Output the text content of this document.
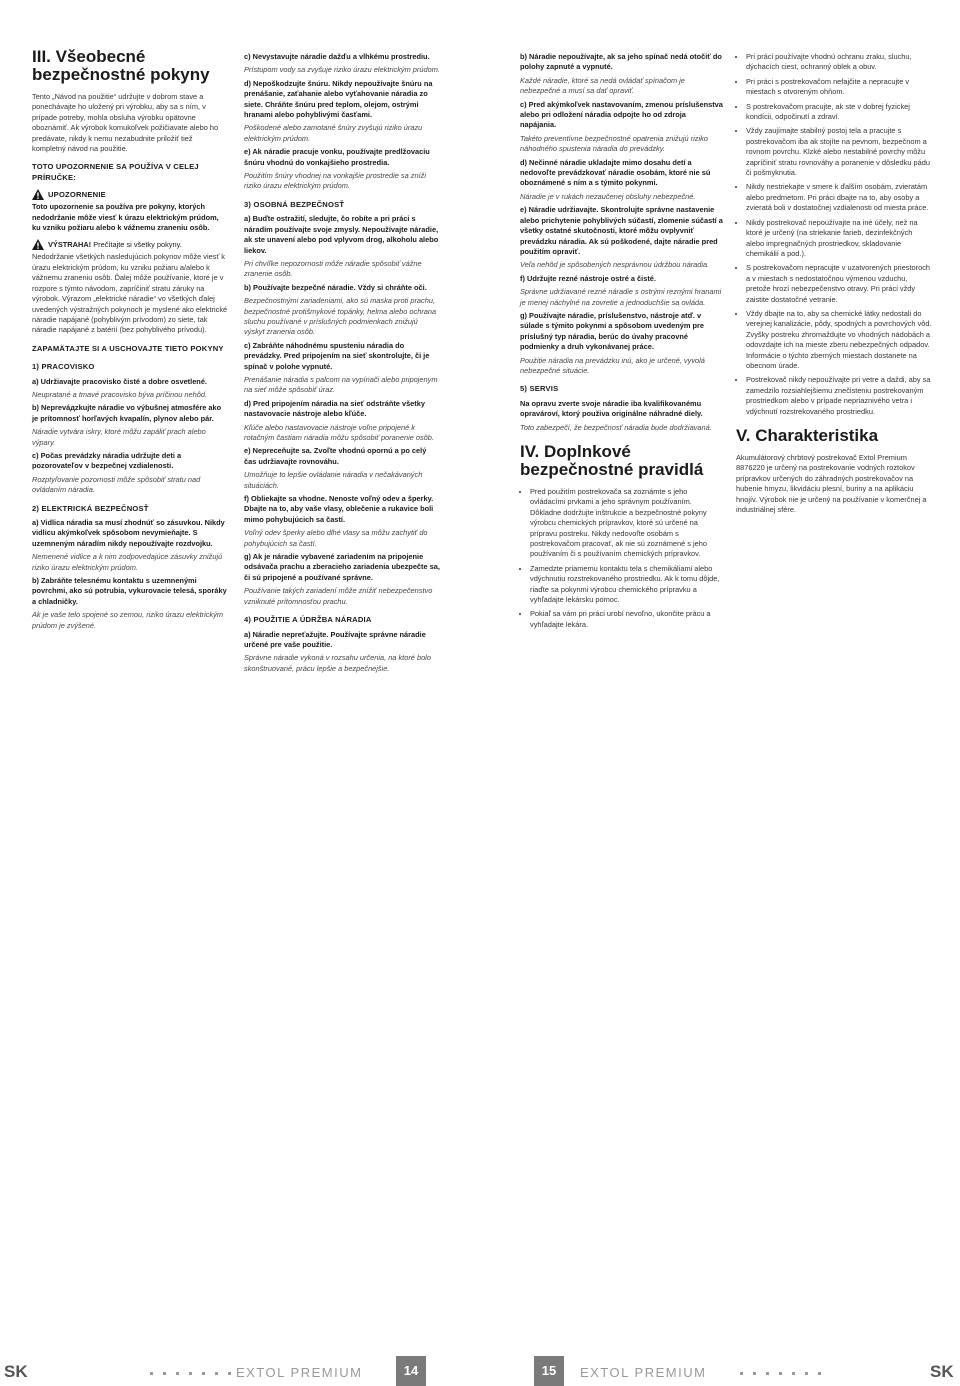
III. Všeobecné bezpečnostné pokyny

Tento „Návod na použitie“ udržujte v dobrom stave a ponechávajte ho uložený pri výrobku, aby sa s ním, v prípade potreby, mohla obsluha výrobku opätovne oboznámiť. Ak výrobok komukoľvek požičiavate alebo ho predávate, nikdy k nemu nezabudnite priložiť tiež kompletný návod na použitie.

TOTO UPOZORNENIE SA POUŽÍVA V CELEJ PRÍRUČKE:
UPOZORNENIE

Toto upozornenie sa používa pre pokyny, ktorých nedodržanie môže viesť k úrazu elektrickým prúdom, ku vzniku požiaru alebo k vážnemu zraneniu osôb.

VÝSTRAHA!
Prečítajte si všetky pokyny.

Nedodržanie všetkých nasledujúcich pokynov môže viesť k úrazu elektrickým prúdom, ku vzniku požiaru a/alebo k vážnemu zraneniu osôb. Ďalej môže používanie, ktoré je v rozpore s týmto návodom, zapríčiniť stratu záruky na výrobok. Výrazom „elektrické náradie“ vo všetkých ďalej uvedených výstražných pokynoch je myslené ako elektrické náradie napájané (pohyblivým prívodom) zo siete, tak náradie napájané z batérií (bez pohyblivého prívodu).

ZAPAMÄTAJTE SI A USCHOVAJTE TIETO POKYNY
1) PRACOVISKO
a) Udržiavajte pracovisko čisté a dobre osvetlené.
Neupratané a tmavé pracovisko býva príčinou nehôd.
b) Nepreváдzkujte náradie vo výbušnej atmosfére ako je prítomnosť horľavých kvapalín, plynov alebo pár.
Náradie vytvára iskry, ktoré môžu zapáliť prach alebo výpary.
c) Počas prevádzky náradia udržujte deti a pozorovateľov v bezpečnej vzdialenosti.
Rozptyľovanie pozornosti môže spôsobiť stratu nad ovládaním náradia.
2) ELEKTRICKÁ BEZPEČNOSŤ
a) Vidlica náradia sa musí zhodnúť so zásuvkou. Nikdy vidlicu akýmkoľvek spôsobom nevymieňajte. S uzemneným náradím nikdy nepoužívajte rozdvojku.
Nemenené vidlice a k nim zodpovedajúce zásuvky znižujú riziko úrazu elektrickým prúdom.
b) Zabráňte telesnému kontaktu s uzemnenými povrchmi, ako sú potrubia, vykurovacie telesá, sporáky a chladničky.
Ak je vaše telo spojené so zemou, riziko úrazu elektrickým prúdom je zvýšené.
c) Nevystavujte náradie dažďu a vlhkému prostrediu.
Prístupom vody sa zvyšuje riziko úrazu elektrickým prúdom.
d) Nepoškodzujte šnúru. Nikdy nepoužívajte šnúru na prenášanie, zaťahanie alebo vyťahovanie náradia zo siete. Chráňte šnúru pred teplom, olejom, ostrými hranami alebo pohyblivými časťami.
Poškodené alebo zamotané šnúry zvyšujú riziko úrazu elektrickým prúdom.
e) Ak náradie pracuje vonku, používajte predlžovaciu šnúru vhodnú do vonkajšieho prostredia.
Použitím šnúry vhodnej na vonkajšie prostredie sa zníži riziko úrazu elektrickým prúdom.
3) OSOBNÁ BEZPEČNOSŤ
a) Buďte ostražití, sledujte, čo robíte a pri práci s náradím používajte svoje zmysly. Nepoužívajte náradie, ak ste unavení alebo pod vplyvom drog, alkoholu alebo liekov.
Pri chvíľke nepozornosti môže náradie spôsobiť vážne zranenie osôb.
b) Používajte bezpečné náradie. Vždy si chráňte oči.
Bezpečnostnými zariadeniami, ako sú maska proti prachu, bezpečnostné protišmykové topánky, helma alebo ochrana sluchu používané v príslušných podmienkach znižujú výskyt zranenia osôb.
c) Zabráňte náhodnému spusteniu náradia do prevádzky. Pred pripojením na sieť skontrolujte, či je spínač v polohe vypnuté.
Prenášanie náradia s palcom na vypínači alebo pripojenym na sieť môže spôsobiť úraz.
d) Pred pripojením náradia na sieť odstráňte všetky nastavovacie nástroje alebo kľúče.
Kľúče alebo nastavovacie nástroje voľne pripojené k rotačným častiam náradia môžu spôsobiť poranenie osôb.
e) Nepreceňujte sa. Zvoľte vhodnú opornú a po celý čas udržiavajte rovnováhu.
Umožňuje to lepšie ovládanie náradia v nečakávaných situáciách.
f) Obliekajte sa vhodne. Nenoste voľný odev a šperky. Dbajte na to, aby vaše vlasy, oblečenie a rukavice boli mimo pohybujúcich sa častí.
Voľný odev šperky alebo dlhé vlasy sa môžu zachytiť do pohybujúcich sa častí.
g) Ak je náradie vybavené zariadením na pripojenie odsávača prachu a zberacieho zariadenia ubezpečte sa, či sú pripojené a používané správne.
Používanie takých zariadení môže znížiť nebezpečenstvo vzniknuté prítomnosťou prachu.
4) POUŽITIE A ÚDRŽBA NÁRADIA
a) Náradie nepreťažujte. Používajte správne náradie určené pre vaše použitie.
Správne náradie vykoná v rozsahu určenia, na ktoré bolo skonštruované, prácu lepšie a bezpečnejšie.
b) Náradie nepoužívajte, ak sa jeho spínač nedá otočiť do polohy zapnuté a vypnuté.
Každé náradie, ktoré sa nedá ovládať spínačom je nebezpečné a musí sa dať opraviť.
c) Pred akýmkoľvek nastavovaním, zmenou príslušenstva alebo pri odložení náradia odpojte ho od zdroja napájania.
Takéto preventívne bezpečnostné opatrenia znižujú riziko náhodného spustenia náradia do prevádzky.
d) Nečinné náradie ukladajte mimo dosahu detí a nedovoľte prevádzkovať náradie osobám, ktoré nie sú oboznámené s ním a s týmito pokynmi.
Náradie je v rukách nezaučenej obsluhy nebezpečné.
e) Náradie udržiavajte. Skontrolujte správne nastavenie alebo prichytenie pohyblivých súčastí, zlomenie súčastí a všetky ostatné skutočnosti, ktoré môžu ovplyvniť prevádzku náradia. Ak sú poškodené, dajte náradie pred použitím opraviť.
Veľa nehôd je spôsobených nesprávnou údržbou náradia.
f) Udržujte rezné nástroje ostré a čisté.
Správne udržiavané rezné náradie s ostrými reznými hranami je menej náchylné na zovretie a jednoduchšie sa ovláda.
g) Používajte náradie, príslušenstvo, nástroje atď. v súlade s týmito pokynmi a spôsobom uvedeným pre príslušný typ náradia, berúc do úvahy pracovné podmienky a druh vykonávanej práce.
Použitie náradia na prevádzku inú, ako je určené, vyvolá nebezpečné situácie.
5) SERVIS
Na opravu zverte svoje náradie iba kvalifikovanému opravároví, ktorý použiva originálne náhradné diely.
Toto zabezpečí, že bezpečnosť náradia bude dodržiavaná.
IV. Doplnkové bezpečnostné pravidlá
• Pred použitím postrekovača sa zoznámte s jeho ovládacími prvkami a jeho správnym používaním. Dôkladne dodržujte inštrukcie a bezpečnostné pokyny výrobcu chemických prípravkov, ktoré sú určené na prípravu postreku. Nikdy nedovoľte osobám s postrekovačom pracovať, ak nie sú zoznámené s jeho používaním či s používaním chemických prípravkov.
• Zamedzte priamemu kontaktu tela s chemikáliami alebo vdýchnutiu rozstrekovaného prostriedku. Ak k tomu dôjde, riaďte sa pokynmi výrobcu chemického prípravku a vyhľadajte lekársku pomoc.
• Pokiaľ sa vám pri práci urobí nevoľno, ukončite prácu a vyhľadajte lekára.
• Pri práci používajte vhodnú ochranu zraku, sluchu, dýchacích ciest, ochranný oblek a obuv.
• Pri práci s postrekovačom nefajčite a nepracujte v miestach s otvoreným ohňom.
• S postrekovačom pracujte, ak ste v dobrej fyzickej kondícii, odpočinutí a zdraví.
• Vždy zaujímajte stabilný postoj tela a pracujte s postrekovačom iba ak stojíte na pevnom, bezpečnom a rovnom povrchu. Klzké alebo nestabilné povrchy môžu zapríčiniť stratu rovnováhy a poranenie v dôsledku pádu či pošmyknutia.
• Nikdy nestriekajte v smere k ďalším osobám, zvieratám alebo predmetom. Pri práci dbajte na to, aby osoby a zvieratá boli v dostatočnej vzdialenosti od miesta práce.
• Nikdy postrekovač nepoužívajte na iné účely, než na ktoré je určený (na striekanie farieb, dezinfekčných alebo impregnačných prostriedkov, skladovanie chemikálií a pod.).
• S postrekovačom nepracujte v uzatvorených priestoroch a v miestach s nedostatočnou výmenou vzduchu, pretože hrozí nebezpečenstvo otravy. Pri práci vždy zaistite dostatočné vetranie.
• Vždy dbajte na to, aby sa chemické látky nedostali do verejnej kanalizácie, pôdy, spodných a povrchových vôd. Zvyšky postreku zhromaždujte vo vhodných nádobách a odovzdajte ich na mieste zberu nebezpečných odpadov. Informácie o týchto zberných miestach dostanete na obecnom úrade.
• Postrekovač nikdy nepoužívajte pri vetre a daždi, aby sa zamedzilo rozsiahlejšiemu znečisteniu postrekovaným prostriedkom alebo v prípade nepriaznivého vetra i vdýchnutí rozstrekovaného prostriedku.
V. Charakteristika

Akumulátorový chrbtový postrekovač Extol Premium 8876220 je určený na postrekovanie vodných roztokov prípravkov určených do záhradných postrekovačov na hubenie hmyzu, likvidáciu plesní, buriny a na aplikáciu hnojív. Výrobok nie je určený na používanie v komerčnej a industriálnej sfére.

SK	EXTOL PREMIUM	14	15	EXTOL PREMIUM	SK
